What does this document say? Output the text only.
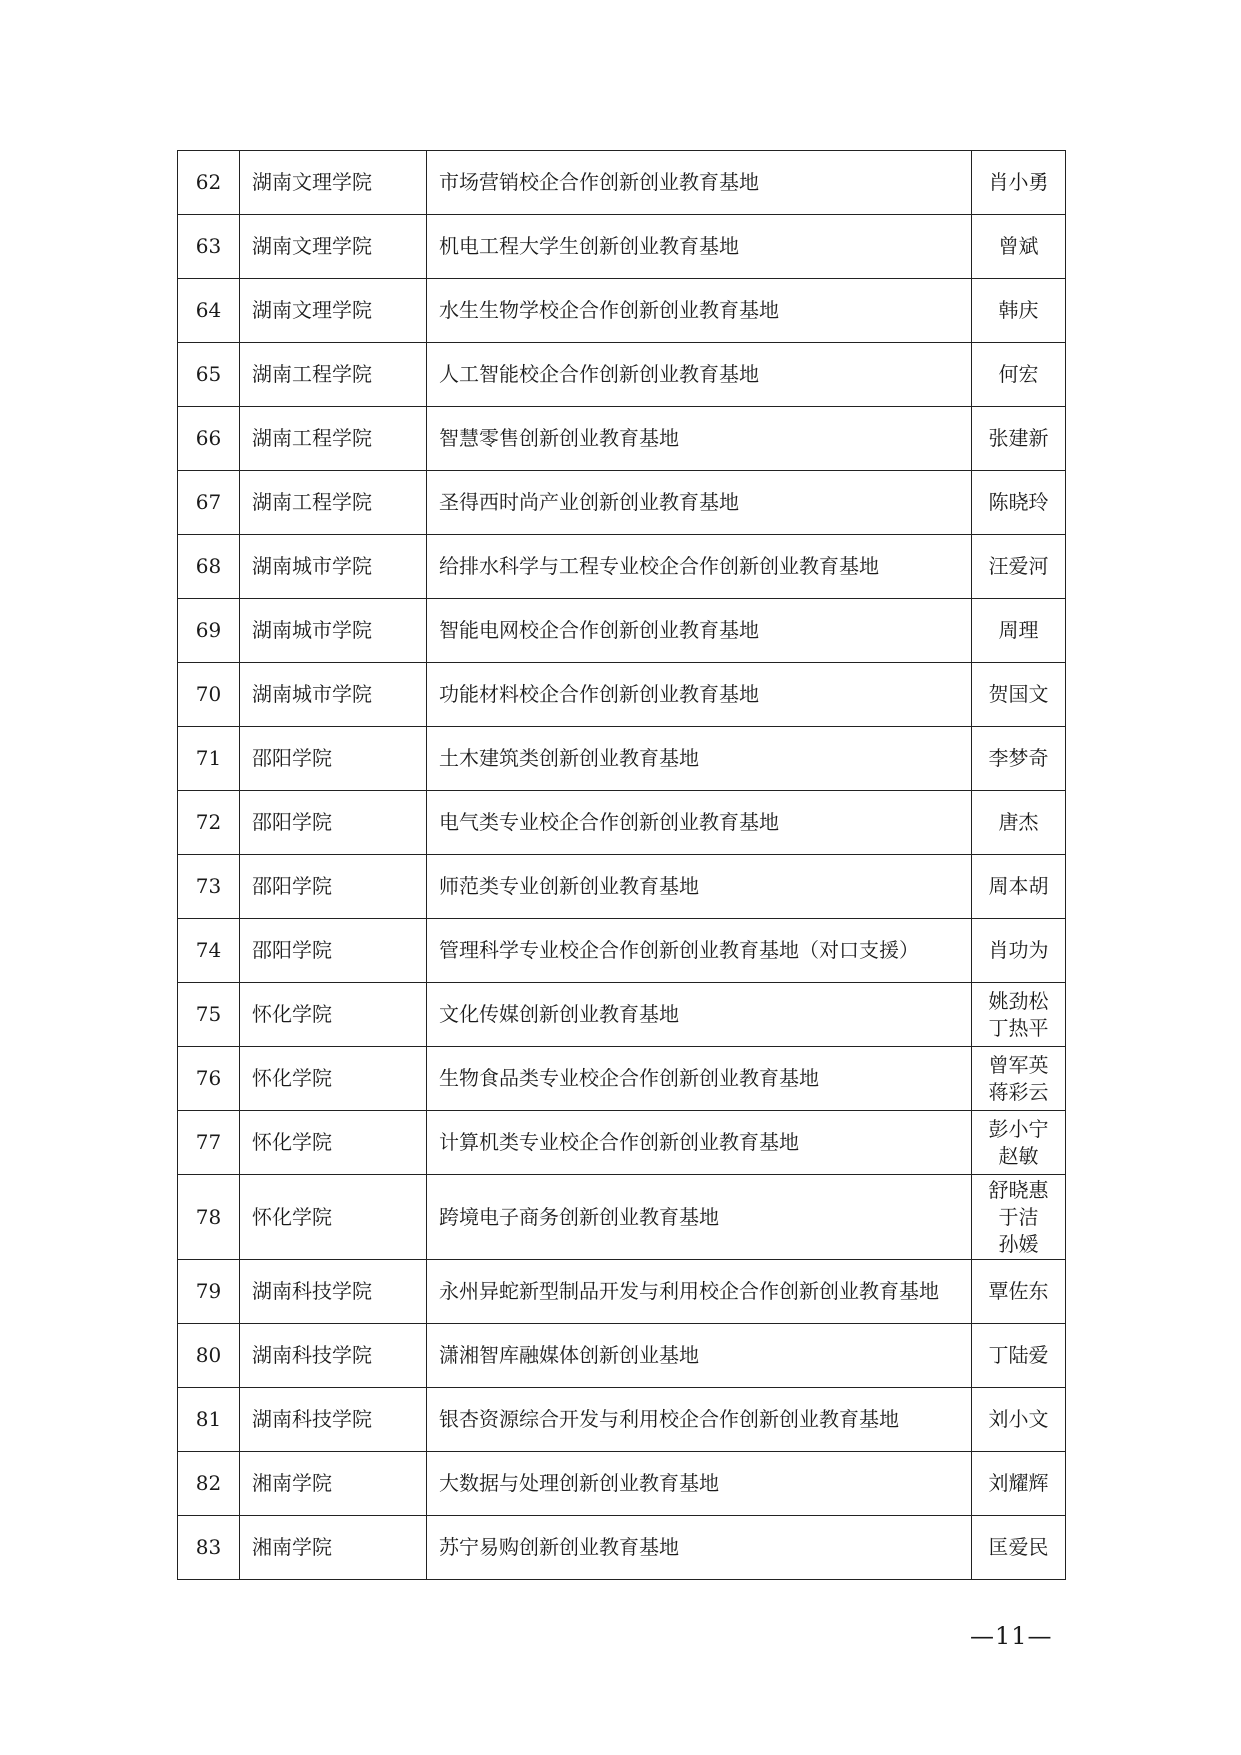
62	湖南文理学院	市场营销校企合作创新创业教育基地	肖小勇

63	湖南文理学院	机电工程大学生创新创业教育基地	曾斌

64	湖南文理学院	水生生物学校企合作创新创业教育基地	韩庆

65	湖南工程学院	人工智能校企合作创新创业教育基地	何宏

66	湖南工程学院	智慧零售创新创业教育基地	张建新

67	湖南工程学院	圣得西时尚产业创新创业教育基地	陈晓玲

68	湖南城市学院	给排水科学与工程专业校企合作创新创业教育基地	汪爱河

69	湖南城市学院	智能电网校企合作创新创业教育基地	周理

70	湖南城市学院	功能材料校企合作创新创业教育基地	贺国文

71	邵阳学院	土木建筑类创新创业教育基地	李梦奇

72	邵阳学院	电气类专业校企合作创新创业教育基地	唐杰

73	邵阳学院	师范类专业创新创业教育基地	周本胡

74	邵阳学院	管理科学专业校企合作创新创业教育基地（对口支援）	肖功为

75	怀化学院	文化传媒创新创业教育基地	姚劲松
丁热平

76	怀化学院	生物食品类专业校企合作创新创业教育基地	曾军英
蒋彩云

77	怀化学院	计算机类专业校企合作创新创业教育基地	彭小宁
赵敏

78	怀化学院	跨境电子商务创新创业教育基地	舒晓惠
于洁
孙媛

79	湖南科技学院	永州异蛇新型制品开发与利用校企合作创新创业教育基地	覃佐东

80	湖南科技学院	潇湘智库融媒体创新创业基地	丁陆爱

81	湖南科技学院	银杏资源综合开发与利用校企合作创新创业教育基地	刘小文

82	湘南学院	大数据与处理创新创业教育基地	刘耀辉

83	湘南学院	苏宁易购创新创业教育基地	匡爱民
—11—
